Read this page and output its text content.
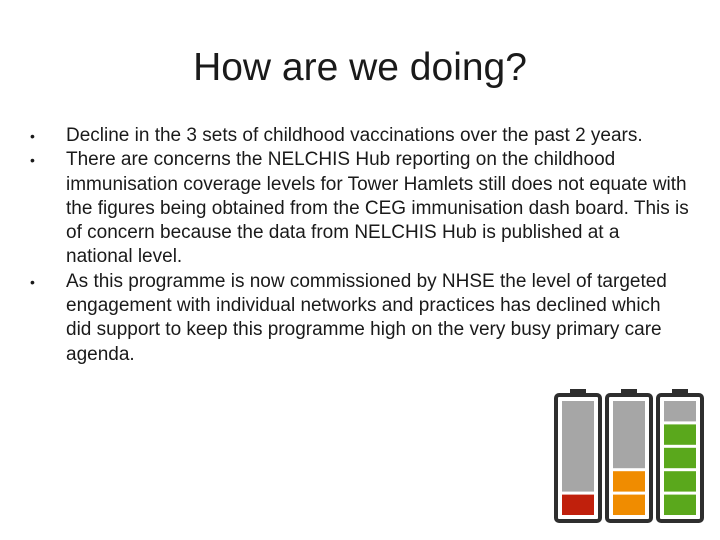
How are we doing?
• Decline in the 3 sets of childhood vaccinations over the past 2 years.
• There are concerns the NELCHIS Hub reporting on the childhood immunisation coverage levels for Tower Hamlets still does not equate with the figures being obtained from the CEG immunisation dash board. This is of concern because the data from NELCHIS Hub is published at a national level.
• As this programme is now commissioned by NHSE the level of targeted engagement with individual networks and practices has declined which did support to keep this programme high on the very busy primary care agenda.
